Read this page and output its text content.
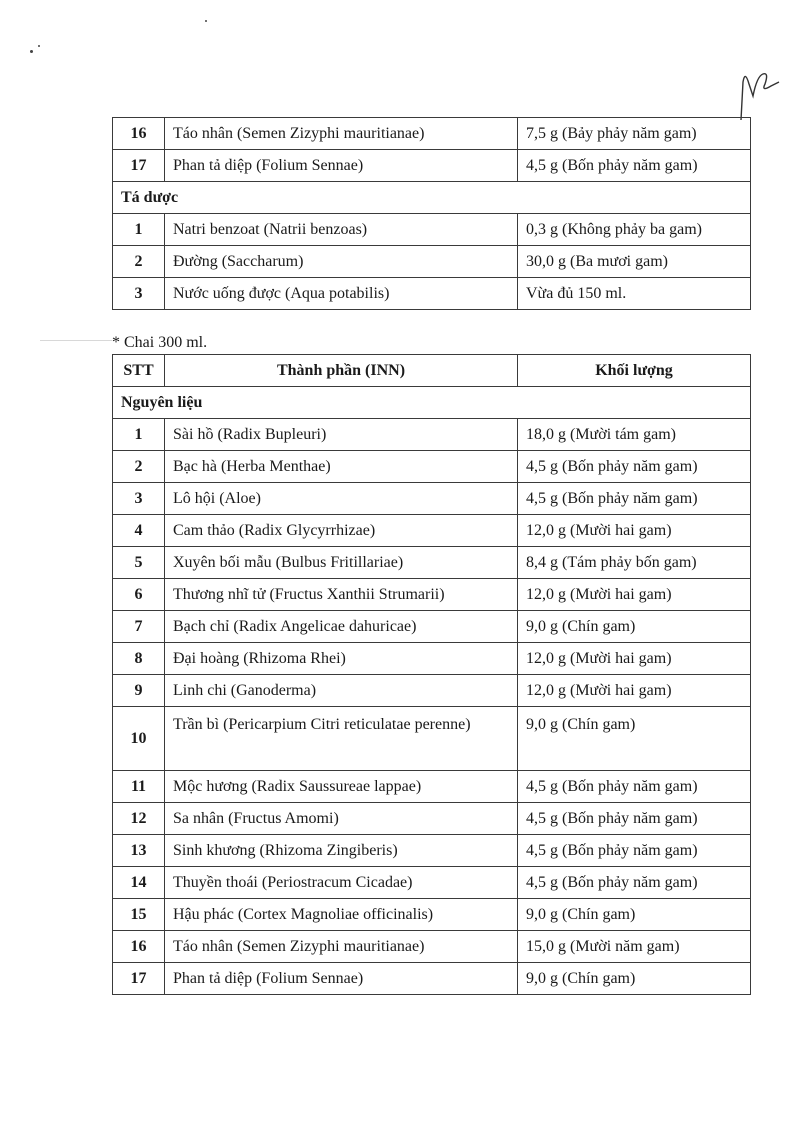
16	Táo nhân (Semen Zizyphi mauritianae)	7,5 g (Bảy phảy năm gam)
17	Phan tả diệp (Folium Sennae)	4,5 g (Bốn phảy năm gam)
Tá dược		
1	Natri benzoat (Natrii benzoas)	0,3 g (Không phảy ba gam)
2	Đường (Saccharum)	30,0 g (Ba mươi gam)
3	Nước uống được (Aqua potabilis)	Vừa đủ 150 ml.

* Chai 300 ml.

STT	Thành phần (INN)	Khối lượng
Nguyên liệu		
1	Sài hồ (Radix Bupleuri)	18,0 g (Mười tám gam)
2	Bạc hà (Herba Menthae)	4,5 g (Bốn phảy năm gam)
3	Lô hội (Aloe)	4,5 g (Bốn phảy năm gam)
4	Cam thảo (Radix Glycyrrhizae)	12,0 g (Mười hai gam)
5	Xuyên bối mẫu (Bulbus Fritillariae)	8,4 g (Tám phảy bốn gam)
6	Thương nhĩ tử (Fructus Xanthii Strumarii)	12,0 g (Mười hai gam)
7	Bạch chỉ (Radix Angelicae dahuricae)	9,0 g (Chín gam)
8	Đại hoàng (Rhizoma Rhei)	12,0 g (Mười hai gam)
9	Linh chi (Ganoderma)	12,0 g (Mười hai gam)
10	Trần bì (Pericarpium Citri reticulatae perenne)	9,0 g (Chín gam)
11	Mộc hương (Radix Saussureae lappae)	4,5 g (Bốn phảy năm gam)
12	Sa nhân (Fructus Amomi)	4,5 g (Bốn phảy năm gam)
13	Sinh khương (Rhizoma Zingiberis)	4,5 g (Bốn phảy năm gam)
14	Thuyền thoái (Periostracum Cicadae)	4,5 g (Bốn phảy năm gam)
15	Hậu phác (Cortex Magnoliae officinalis)	9,0 g (Chín gam)
16	Táo nhân (Semen Zizyphi mauritianae)	15,0 g (Mười năm gam)
17	Phan tả diệp (Folium Sennae)	9,0 g (Chín gam)
